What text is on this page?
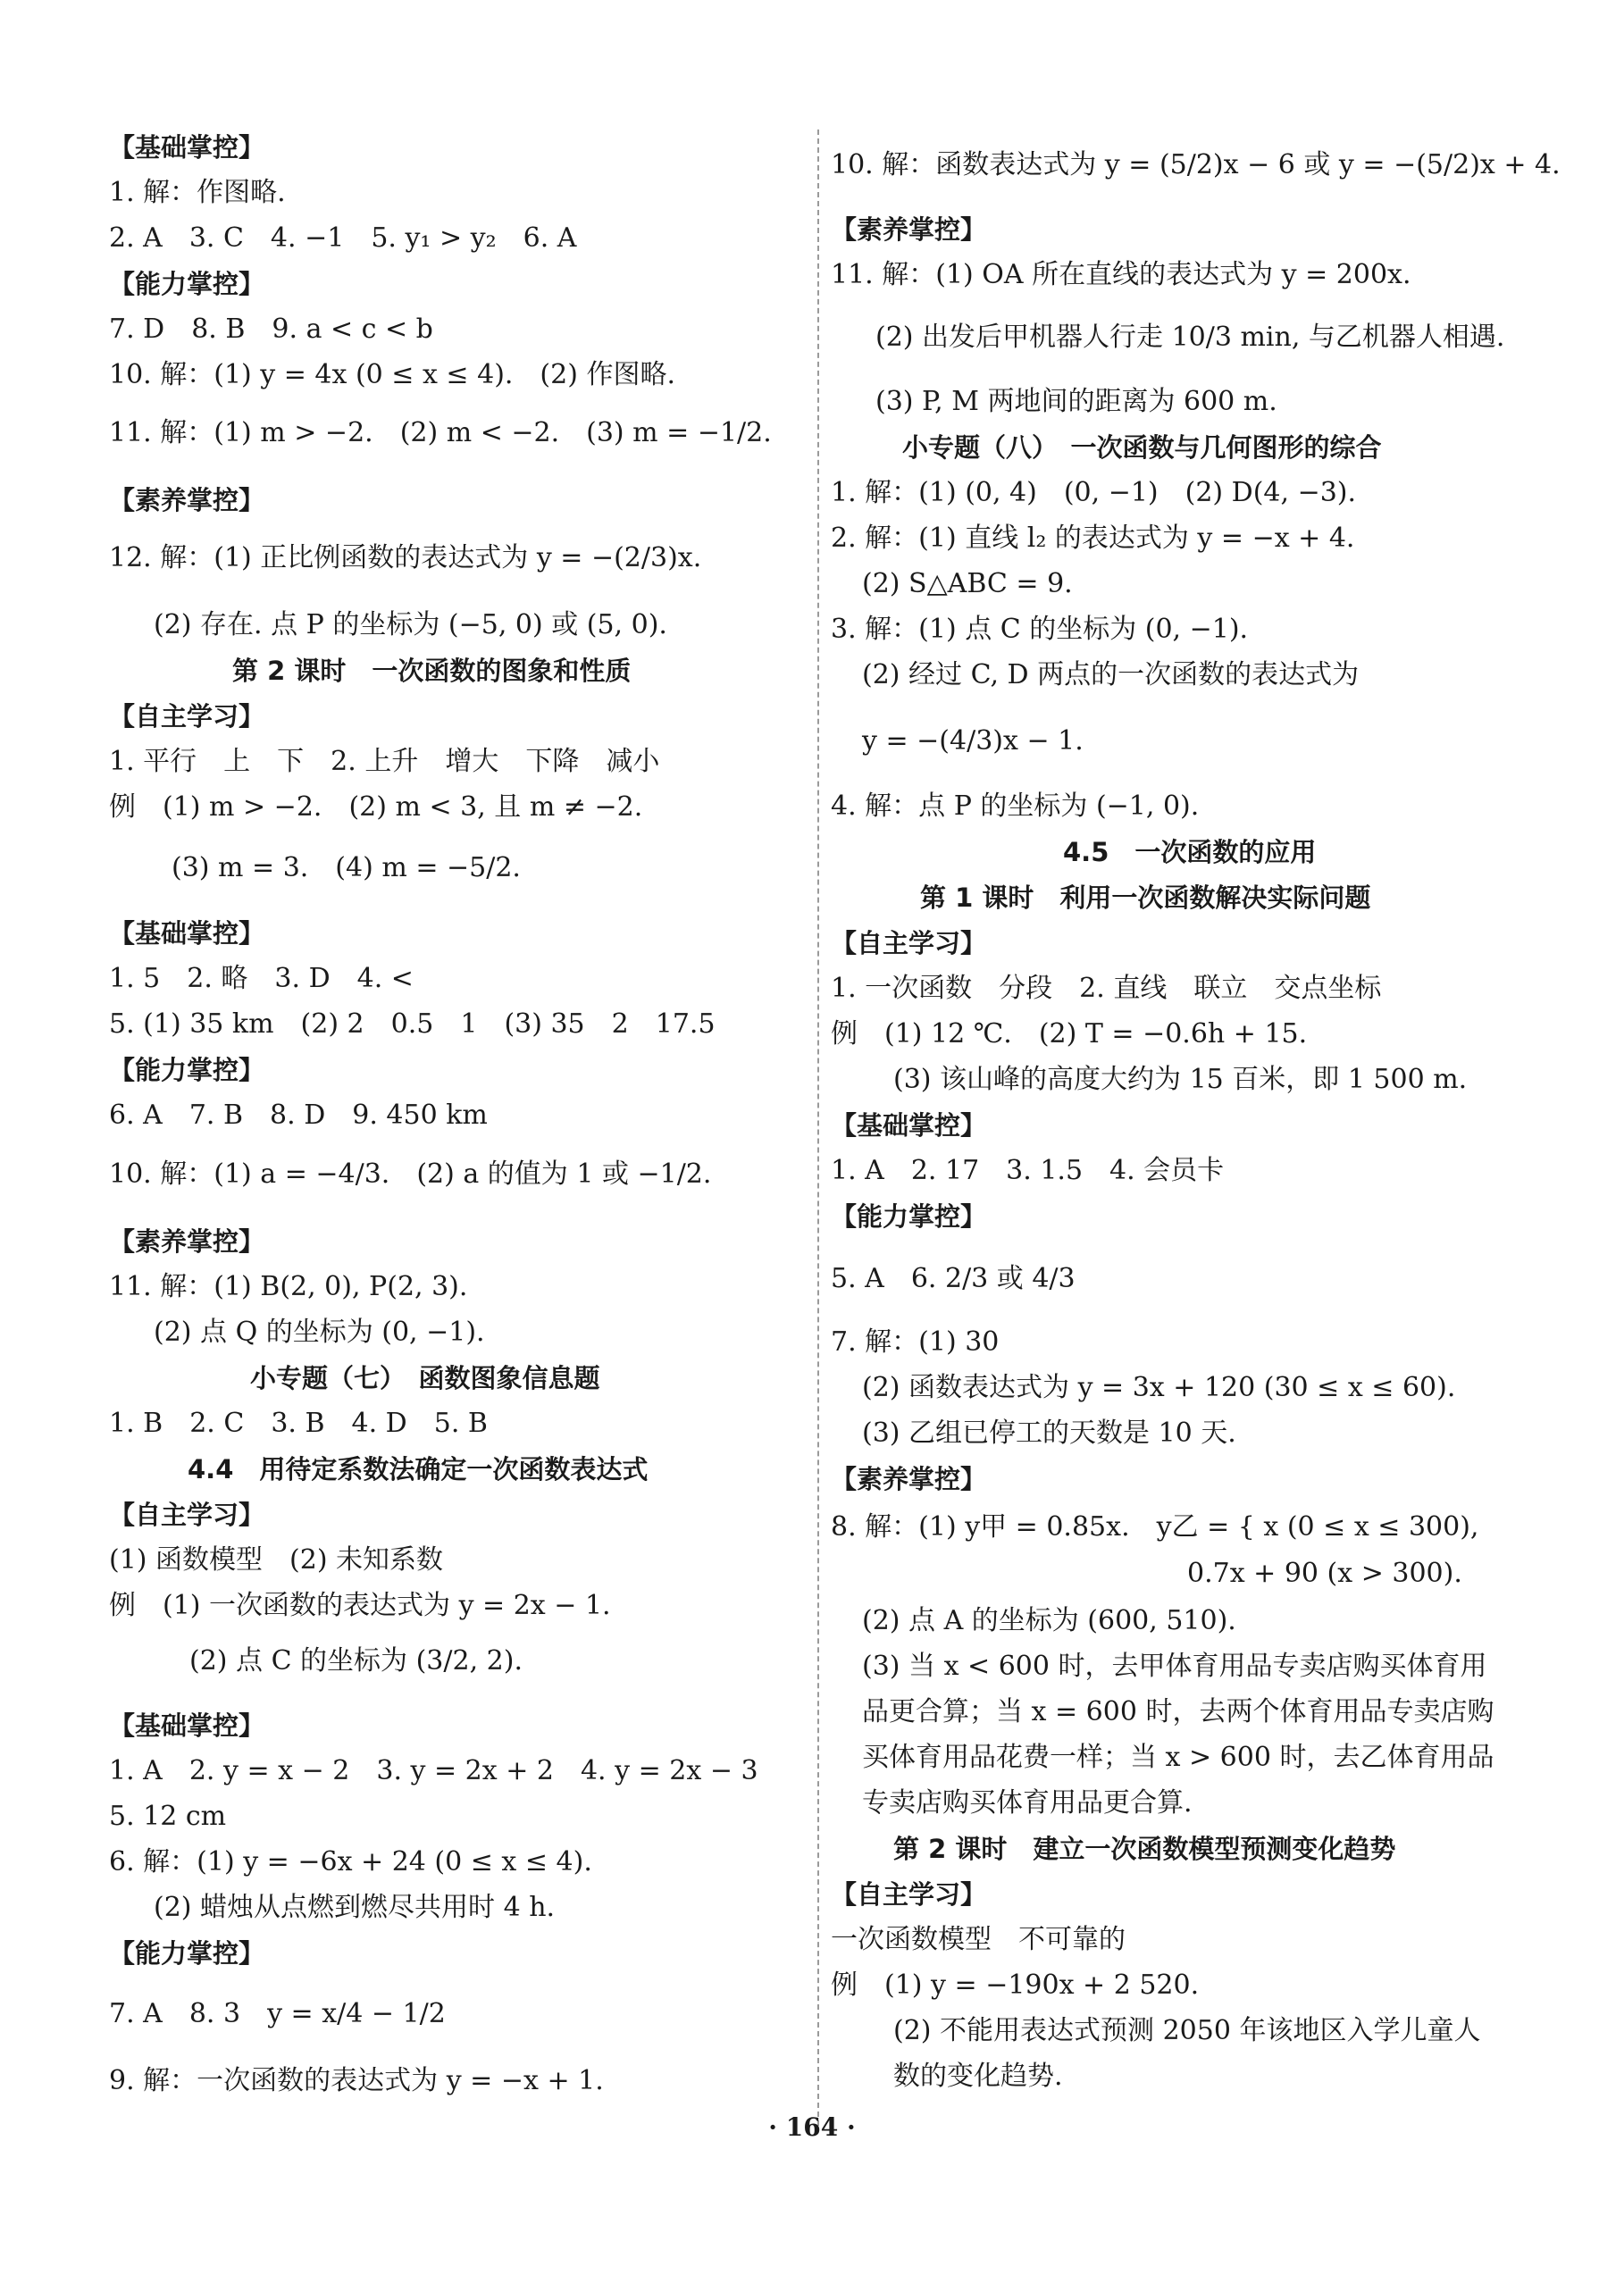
【基础掌控】
1. 解：作图略.
2. A　3. C　4. −1　5. y₁ > y₂　6. A
【能力掌控】
7. D　8. B　9. a < c < b
10. 解：(1) y = 4x (0 ≤ x ≤ 4).　(2) 作图略.
11. 解：(1) m > −2.　(2) m < −2.　(3) m = −1/2.
【素养掌控】
12. 解：(1) 正比例函数的表达式为 y = −(2/3)x.
(2) 存在. 点 P 的坐标为 (−5, 0) 或 (5, 0).
第 2 课时　一次函数的图象和性质
【自主学习】
1. 平行　上　下　2. 上升　增大　下降　减小
例　(1) m > −2.　(2) m < 3, 且 m ≠ −2.
(3) m = 3.　(4) m = −5/2.
【基础掌控】
1. 5　2. 略　3. D　4. <
5. (1) 35 km　(2) 2　0.5　1　(3) 35　2　17.5
【能力掌控】
6. A　7. B　8. D　9. 450 km
10. 解：(1) a = −4/3.　(2) a 的值为 1 或 −1/2.
【素养掌控】
11. 解：(1) B(2, 0), P(2, 3).
(2) 点 Q 的坐标为 (0, −1).
小专题（七）　函数图象信息题
1. B　2. C　3. B　4. D　5. B
4.4　用待定系数法确定一次函数表达式
【自主学习】
(1) 函数模型　(2) 未知系数
例　(1) 一次函数的表达式为 y = 2x − 1.
(2) 点 C 的坐标为 (3/2, 2).
【基础掌控】
1. A　2. y = x − 2　3. y = 2x + 2　4. y = 2x − 3
5. 12 cm
6. 解：(1) y = −6x + 24 (0 ≤ x ≤ 4).
(2) 蜡烛从点燃到燃尽共用时 4 h.
【能力掌控】
7. A　8. 3　y = x/4 − 1/2
9. 解：一次函数的表达式为 y = −x + 1.
10. 解：函数表达式为 y = (5/2)x − 6 或 y = −(5/2)x + 4.
【素养掌控】
11. 解：(1) OA 所在直线的表达式为 y = 200x.
(2) 出发后甲机器人行走 10/3 min, 与乙机器人相遇.
(3) P, M 两地间的距离为 600 m.
小专题（八）　一次函数与几何图形的综合
1. 解：(1) (0, 4)　(0, −1)　(2) D(4, −3).
2. 解：(1) 直线 l₂ 的表达式为 y = −x + 4.
(2) S△ABC = 9.
3. 解：(1) 点 C 的坐标为 (0, −1).
(2) 经过 C, D 两点的一次函数的表达式为
y = −(4/3)x − 1.
4. 解：点 P 的坐标为 (−1, 0).
4.5　一次函数的应用
第 1 课时　利用一次函数解决实际问题
【自主学习】
1. 一次函数　分段　2. 直线　联立　交点坐标
例　(1) 12 ℃.　(2) T = −0.6h + 15.
(3) 该山峰的高度大约为 15 百米，即 1 500 m.
【基础掌控】
1. A　2. 17　3. 1.5　4. 会员卡
【能力掌控】
5. A　6. 2/3 或 4/3
7. 解：(1) 30
(2) 函数表达式为 y = 3x + 120 (30 ≤ x ≤ 60).
(3) 乙组已停工的天数是 10 天.
【素养掌控】
8. 解：(1) y甲 = 0.85x.　y乙 = { x (0 ≤ x ≤ 300),
0.7x + 90 (x > 300).
(2) 点 A 的坐标为 (600, 510).
(3) 当 x < 600 时，去甲体育用品专卖店购买体育用
品更合算；当 x = 600 时，去两个体育用品专卖店购
买体育用品花费一样；当 x > 600 时，去乙体育用品
专卖店购买体育用品更合算.
第 2 课时　建立一次函数模型预测变化趋势
【自主学习】
一次函数模型　不可靠的
例　(1) y = −190x + 2 520.
(2) 不能用表达式预测 2050 年该地区入学儿童人
数的变化趋势.
· 164 ·
